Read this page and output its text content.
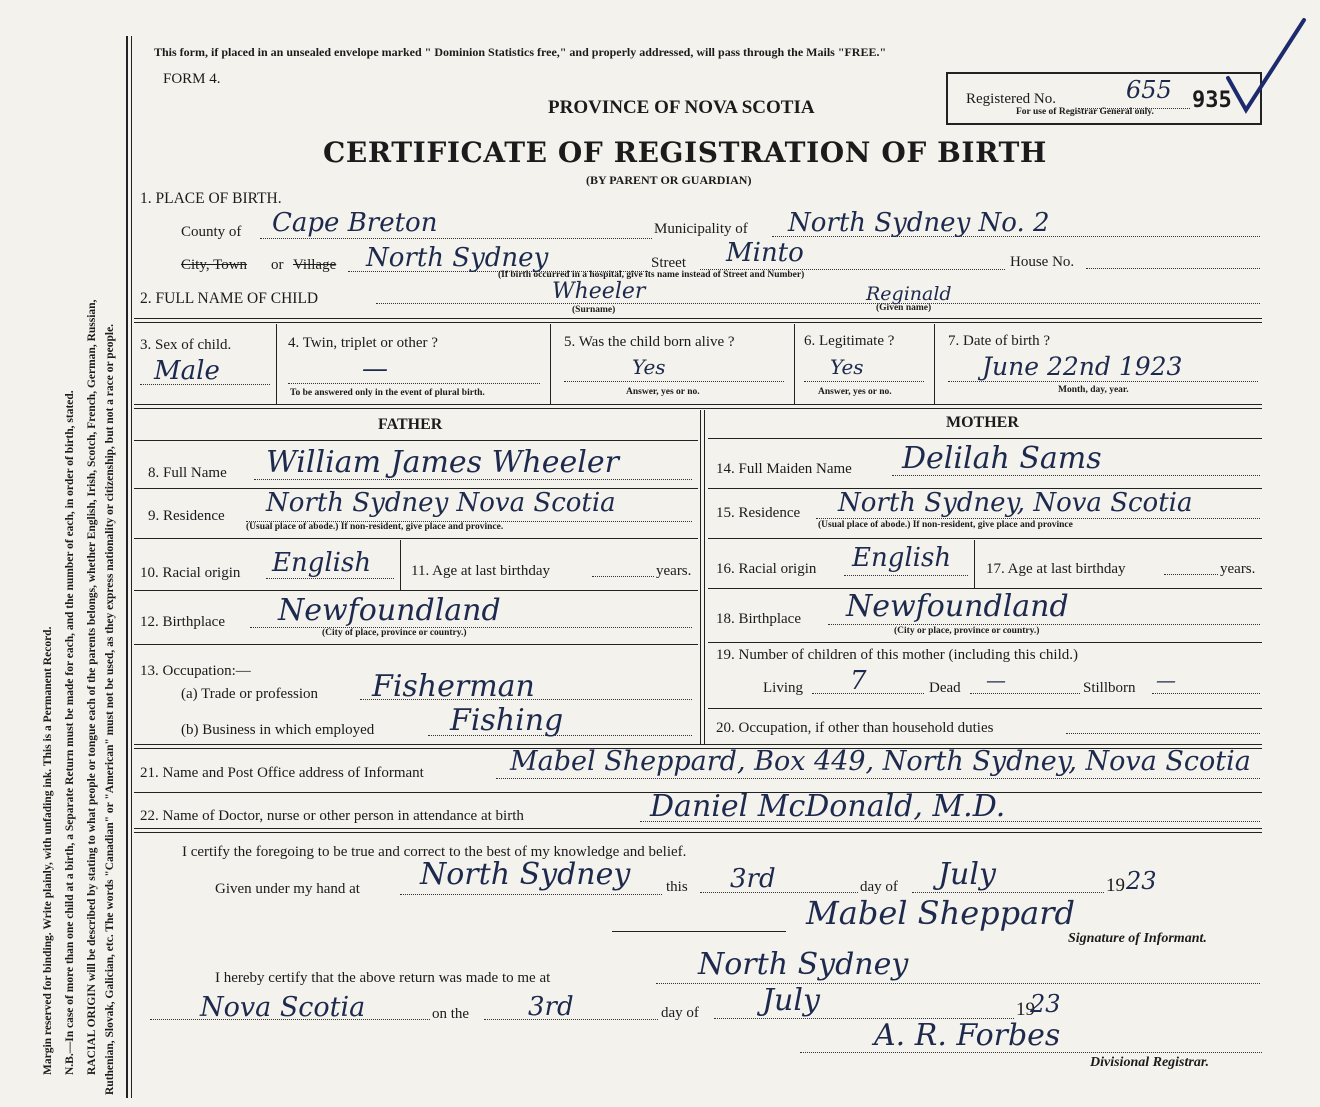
Margin reserved for binding. Write plainly, with unfading ink. This is a Permanent Record. N.B.—In case of more than one child at a birth, a Separate Return must be made for each, and the number of each, in order of birth, stated. RACIAL ORIGIN will be described by stating to what people or tongue each of the parents belongs, whether English, Irish, Scotch, French, German, Russian, Ruthenian, Slovak, Galician, etc. The words "Canadian" or "American" must not be used, as they express nationality or citizenship, but not a race or people.
This form, if placed in an unsealed envelope marked " Dominion Statistics free," and properly addressed, will pass through the Mails "FREE."
FORM 4.
PROVINCE OF NOVA SCOTIA
CERTIFICATE OF REGISTRATION OF BIRTH
(BY PARENT OR GUARDIAN)
Registered No.	655 935
For use of Registrar General only.
1. PLACE OF BIRTH.
County of Cape Breton	Municipality of North Sydney No. 2
City, Town or Village North Sydney	Street Minto	House No.
(If birth occurred in a hospital, give its name instead of Street and Number)
2. FULL NAME OF CHILD	Wheeler	Reginald
(Surname)	(Given name)
3. Sex of child.
Male
4. Twin, triplet or other ?
—
To be answered only in the event of plural birth.
5. Was the child born alive ?
Yes
Answer, yes or no.
6. Legitimate ?
Yes
Answer, yes or no.
7. Date of birth ?
June 22nd 1923
Month, day, year.
FATHER	MOTHER
8. Full Name William James Wheeler
9. Residence North Sydney Nova Scotia
(Usual place of abode.) If non-resident, give place and province.
10. Racial origin English	11. Age at last birthday	years.
12. Birthplace Newfoundland
(City of place, province or country.)
13. Occupation:—
(a) Trade or profession Fisherman
(b) Business in which employed	Fishing
14. Full Maiden Name Delilah Sams
15. Residence North Sydney, Nova Scotia
(Usual place of abode.) If non-resident, give place and province
16. Racial origin English 17. Age at last birthday	years.
18. Birthplace Newfoundland
(City or place, province or country.)
19. Number of children of this mother (including this child.)
Living 7	Dead —	Stillborn —
20. Occupation, if other than household duties
21. Name and Post Office address of Informant	Mabel Sheppard, Box 449, North Sydney, Nova Scotia
22. Name of Doctor, nurse or other person in attendance at birth	Daniel McDonald, M.D.
I certify the foregoing to be true and correct to the best of my knowledge and belief.
Given under my hand at North Sydney this 3rd	day of July	19 23
Mabel Sheppard
Signature of Informant.
I hereby certify that the above return was made to me at	North Sydney
Nova Scotia	on the 3rd	day of July	19
23
A. R. Forbes
Divisional Registrar.
